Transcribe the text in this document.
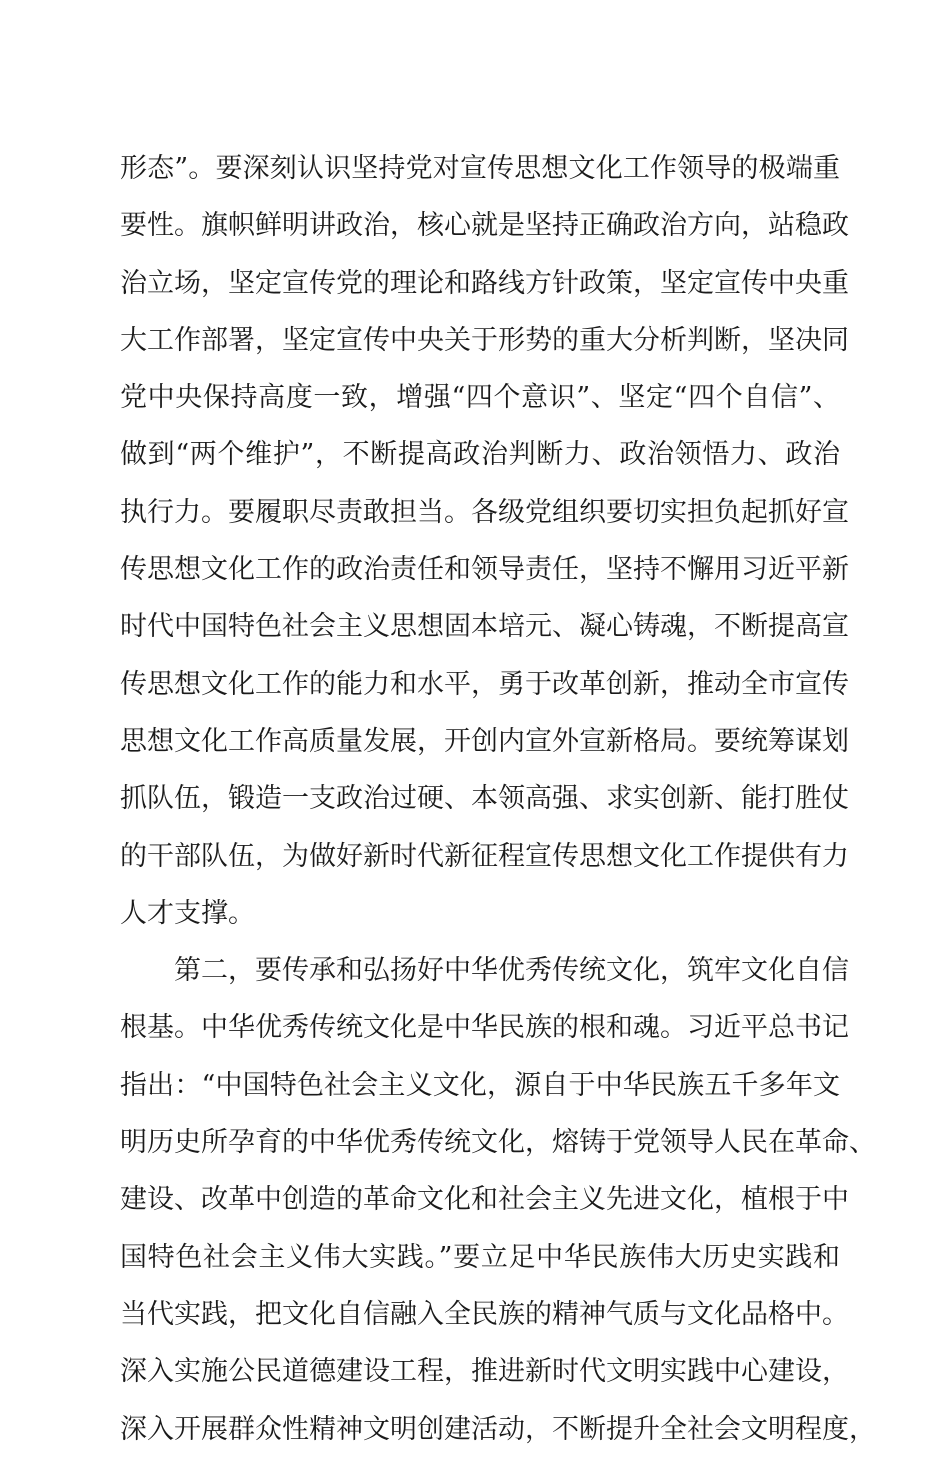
形态”。要深刻认识坚持党对宣传思想文化工作领导的极端重
要性。旗帜鲜明讲政治，核心就是坚持正确政治方向，站稳政
治立场，坚定宣传党的理论和路线方针政策，坚定宣传中央重
大工作部署，坚定宣传中央关于形势的重大分析判断，坚决同
党中央保持高度一致，增强“四个意识”、坚定“四个自信”、
做到“两个维护”，不断提高政治判断力、政治领悟力、政治
执行力。要履职尽责敢担当。各级党组织要切实担负起抓好宣
传思想文化工作的政治责任和领导责任，坚持不懈用习近平新
时代中国特色社会主义思想固本培元、凝心铸魂，不断提高宣
传思想文化工作的能力和水平，勇于改革创新，推动全市宣传
思想文化工作高质量发展，开创内宣外宣新格局。要统筹谋划
抓队伍，锻造一支政治过硬、本领高强、求实创新、能打胜仗
的干部队伍，为做好新时代新征程宣传思想文化工作提供有力
人才支撑。
第二，要传承和弘扬好中华优秀传统文化，筑牢文化自信
根基。中华优秀传统文化是中华民族的根和魂。习近平总书记
指出：“中国特色社会主义文化，源自于中华民族五千多年文
明历史所孕育的中华优秀传统文化，熔铸于党领导人民在革命、
建设、改革中创造的革命文化和社会主义先进文化，植根于中
国特色社会主义伟大实践。”要立足中华民族伟大历史实践和
当代实践，把文化自信融入全民族的精神气质与文化品格中。
深入实施公民道德建设工程，推进新时代文明实践中心建设，
深入开展群众性精神文明创建活动，不断提升全社会文明程度，
